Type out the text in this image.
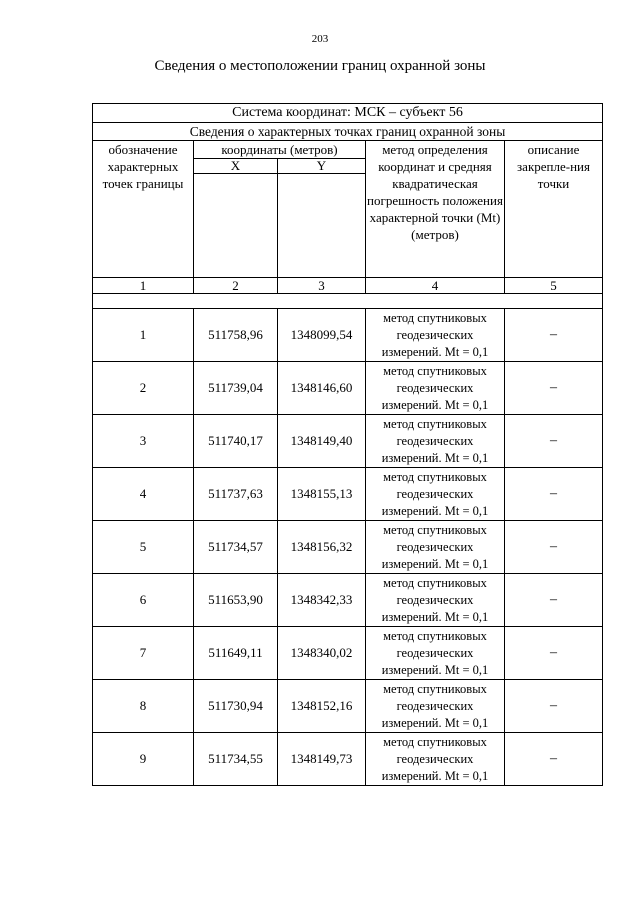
203
Сведения о местоположении границ охранной зоны
Система координат: МСК – субъект 56				
Сведения о характерных точках границ охранной зоны				
обозначение характерных точек границы	координаты (метров)		метод определения координат и средняя квадратическая погрешность положения характерной точки (Mt) (метров)	описание закрепле-ния точки
	X	Y		

1	2	3	4	5

1	511758,96	1348099,54	метод спутниковых геодезических измерений. Mt = 0,1	–
2	511739,04	1348146,60	метод спутниковых геодезических измерений. Mt = 0,1	–
3	511740,17	1348149,40	метод спутниковых геодезических измерений. Mt = 0,1	–
4	511737,63	1348155,13	метод спутниковых геодезических измерений. Mt = 0,1	–
5	511734,57	1348156,32	метод спутниковых геодезических измерений. Mt = 0,1	–
6	511653,90	1348342,33	метод спутниковых геодезических измерений. Mt = 0,1	–
7	511649,11	1348340,02	метод спутниковых геодезических измерений. Mt = 0,1	–
8	511730,94	1348152,16	метод спутниковых геодезических измерений. Mt = 0,1	–
9	511734,55	1348149,73	метод спутниковых геодезических измерений. Mt = 0,1	–
